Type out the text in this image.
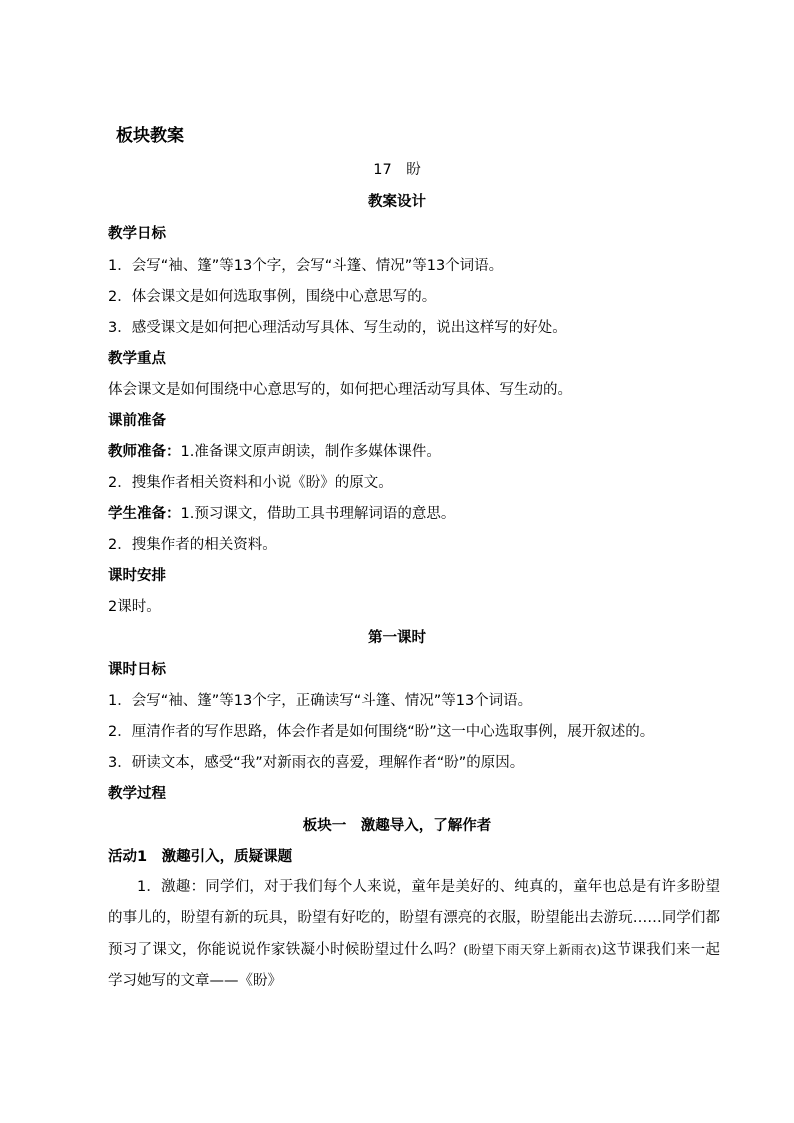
板块教案
17　盼
教案设计
教学日标
1．会写“袖、篷”等13个字，会写“斗篷、情况”等13个词语。
2．体会课文是如何选取事例，围绕中心意思写的。
3．感受课文是如何把心理活动写具体、写生动的，说出这样写的好处。
教学重点
体会课文是如何围绕中心意思写的，如何把心理活动写具体、写生动的。
课前准备
教师准备：1.准备课文原声朗读，制作多媒体课件。
2．搜集作者相关资料和小说《盼》的原文。
学生准备：1.预习课文，借助工具书理解词语的意思。
2．搜集作者的相关资料。
课时安排
2课时。
第一课时
课时日标
1．会写“袖、篷”等13个字，正确读写“斗篷、情况”等13个词语。
2．厘清作者的写作思路，体会作者是如何围绕“盼”这一中心选取事例，展开叙述的。
3．研读文本，感受“我”对新雨衣的喜爱，理解作者“盼”的原因。
教学过程
板块一　激趣导入，了解作者
活动1　激趣引入，质疑课题
1．激趣：同学们，对于我们每个人来说，童年是美好的、纯真的，童年也总是有许多盼望的事儿的，盼望有新的玩具，盼望有好吃的，盼望有漂亮的衣服，盼望能出去游玩……同学们都预习了课文，你能说说作家铁凝小时候盼望过什么吗？(盼望下雨天穿上新雨衣)这节课我们来一起学习她写的文章——《盼》
